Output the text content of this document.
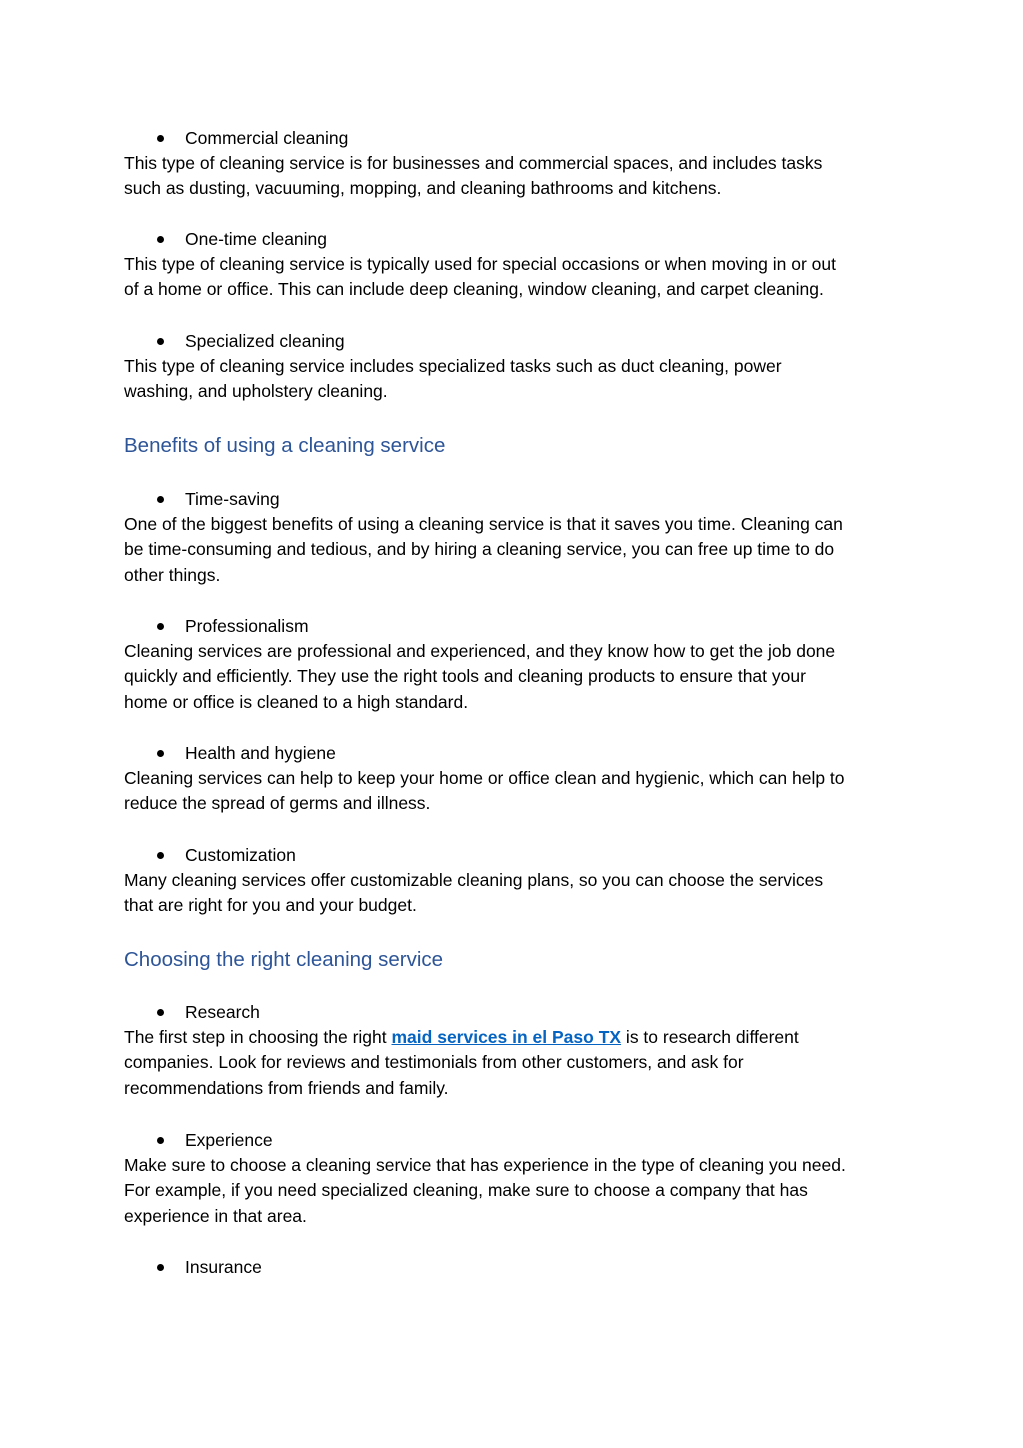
Commercial cleaning
This type of cleaning service is for businesses and commercial spaces, and includes tasks
such as dusting, vacuuming, mopping, and cleaning bathrooms and kitchens.
One-time cleaning
This type of cleaning service is typically used for special occasions or when moving in or out
of a home or office. This can include deep cleaning, window cleaning, and carpet cleaning.
Specialized cleaning
This type of cleaning service includes specialized tasks such as duct cleaning, power
washing, and upholstery cleaning.
Benefits of using a cleaning service
Time-saving
One of the biggest benefits of using a cleaning service is that it saves you time. Cleaning can
be time-consuming and tedious, and by hiring a cleaning service, you can free up time to do
other things.
Professionalism
Cleaning services are professional and experienced, and they know how to get the job done
quickly and efficiently. They use the right tools and cleaning products to ensure that your
home or office is cleaned to a high standard.
Health and hygiene
Cleaning services can help to keep your home or office clean and hygienic, which can help to
reduce the spread of germs and illness.
Customization
Many cleaning services offer customizable cleaning plans, so you can choose the services
that are right for you and your budget.
Choosing the right cleaning service
Research
The first step in choosing the right maid services in el Paso TX is to research different
companies. Look for reviews and testimonials from other customers, and ask for
recommendations from friends and family.
Experience
Make sure to choose a cleaning service that has experience in the type of cleaning you need.
For example, if you need specialized cleaning, make sure to choose a company that has
experience in that area.
Insurance
